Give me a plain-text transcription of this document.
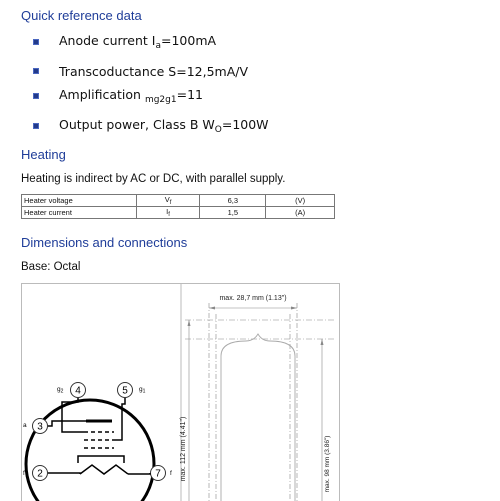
Quick reference data
Anode current $I_a=100mA$
Transcoductance S=12,5mA/V
Amplification $_{mg2g1}$=11
Output power, Class B $W_O=100W$
Heating
Heating is indirect by AC or DC, with parallel supply.
Heater voltage	$V_f$	6,3	(V)
Heater current	$I_f$	1,5	(A)
Dimensions and connections
Base: Octal
4	5
3
2	7
$g_2$	$g_1$
a
f	f
max. 28,7 mm (1.13")
max. 112 mm (4.41")	max. 98 mm (3.86")
